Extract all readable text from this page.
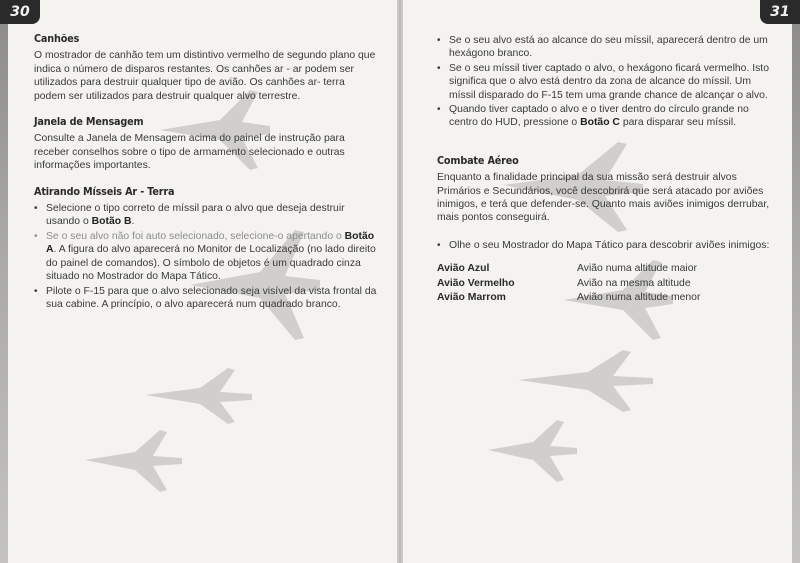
30
Canhões

O mostrador de canhão tem um distintivo vermelho de segundo plano que indica o número de disparos restantes. Os canhões ar - ar podem ser utilizados para destruir qualquer tipo de avião. Os canhões ar- terra podem ser utilizados para destruir qualquer alvo terrestre.

Janela de Mensagem

Consulte a Janela de Mensagem acima do painel de instrução para receber conselhos sobre o tipo de armamento selecionado e outras informações importantes.

Atirando Mísseis Ar - Terra
• Selecione o tipo correto de míssil para o alvo que deseja destruir usando o Botão B.
• Se o seu alvo não foi auto selecionado, selecione-o apertando o Botão A. A figura do alvo aparecerá no Monitor de Localização (no lado direito do painel de comandos). O símbolo de objetos é um quadrado cinza situado no Mostrador do Mapa Tático.
• Pilote o F-15 para que o alvo selecionado seja visível da vista frontal da sua cabine. A princípio, o alvo aparecerá num quadrado branco.
31
• Se o seu alvo está ao alcance do seu míssil, aparecerá dentro de um hexágono branco.
• Se o seu míssil tiver captado o alvo, o hexágono ficará vermelho. Isto significa que o alvo está dentro da zona de alcance do míssil. Um míssil disparado do F-15 tem uma grande chance de alcançar o alvo.
• Quando tiver captado o alvo e o tiver dentro do círculo grande no centro do HUD, pressione o Botão C para disparar seu míssil.
Combate Aéreo

Enquanto a finalidade principal da sua missão será destruir alvos Primários e Secundários, você descobrirá que será atacado por aviões inimigos, e terá que defender-se. Quanto mais aviões inimigos derrubar, mais pontos conseguirá.

• Olhe o seu Mostrador do Mapa Tático para descobrir aviões inimigos:
Avião Azul	Avião numa altitude maior
Avião Vermelho	Avião na mesma altitude
Avião Marrom	Avião numa altitude menor
